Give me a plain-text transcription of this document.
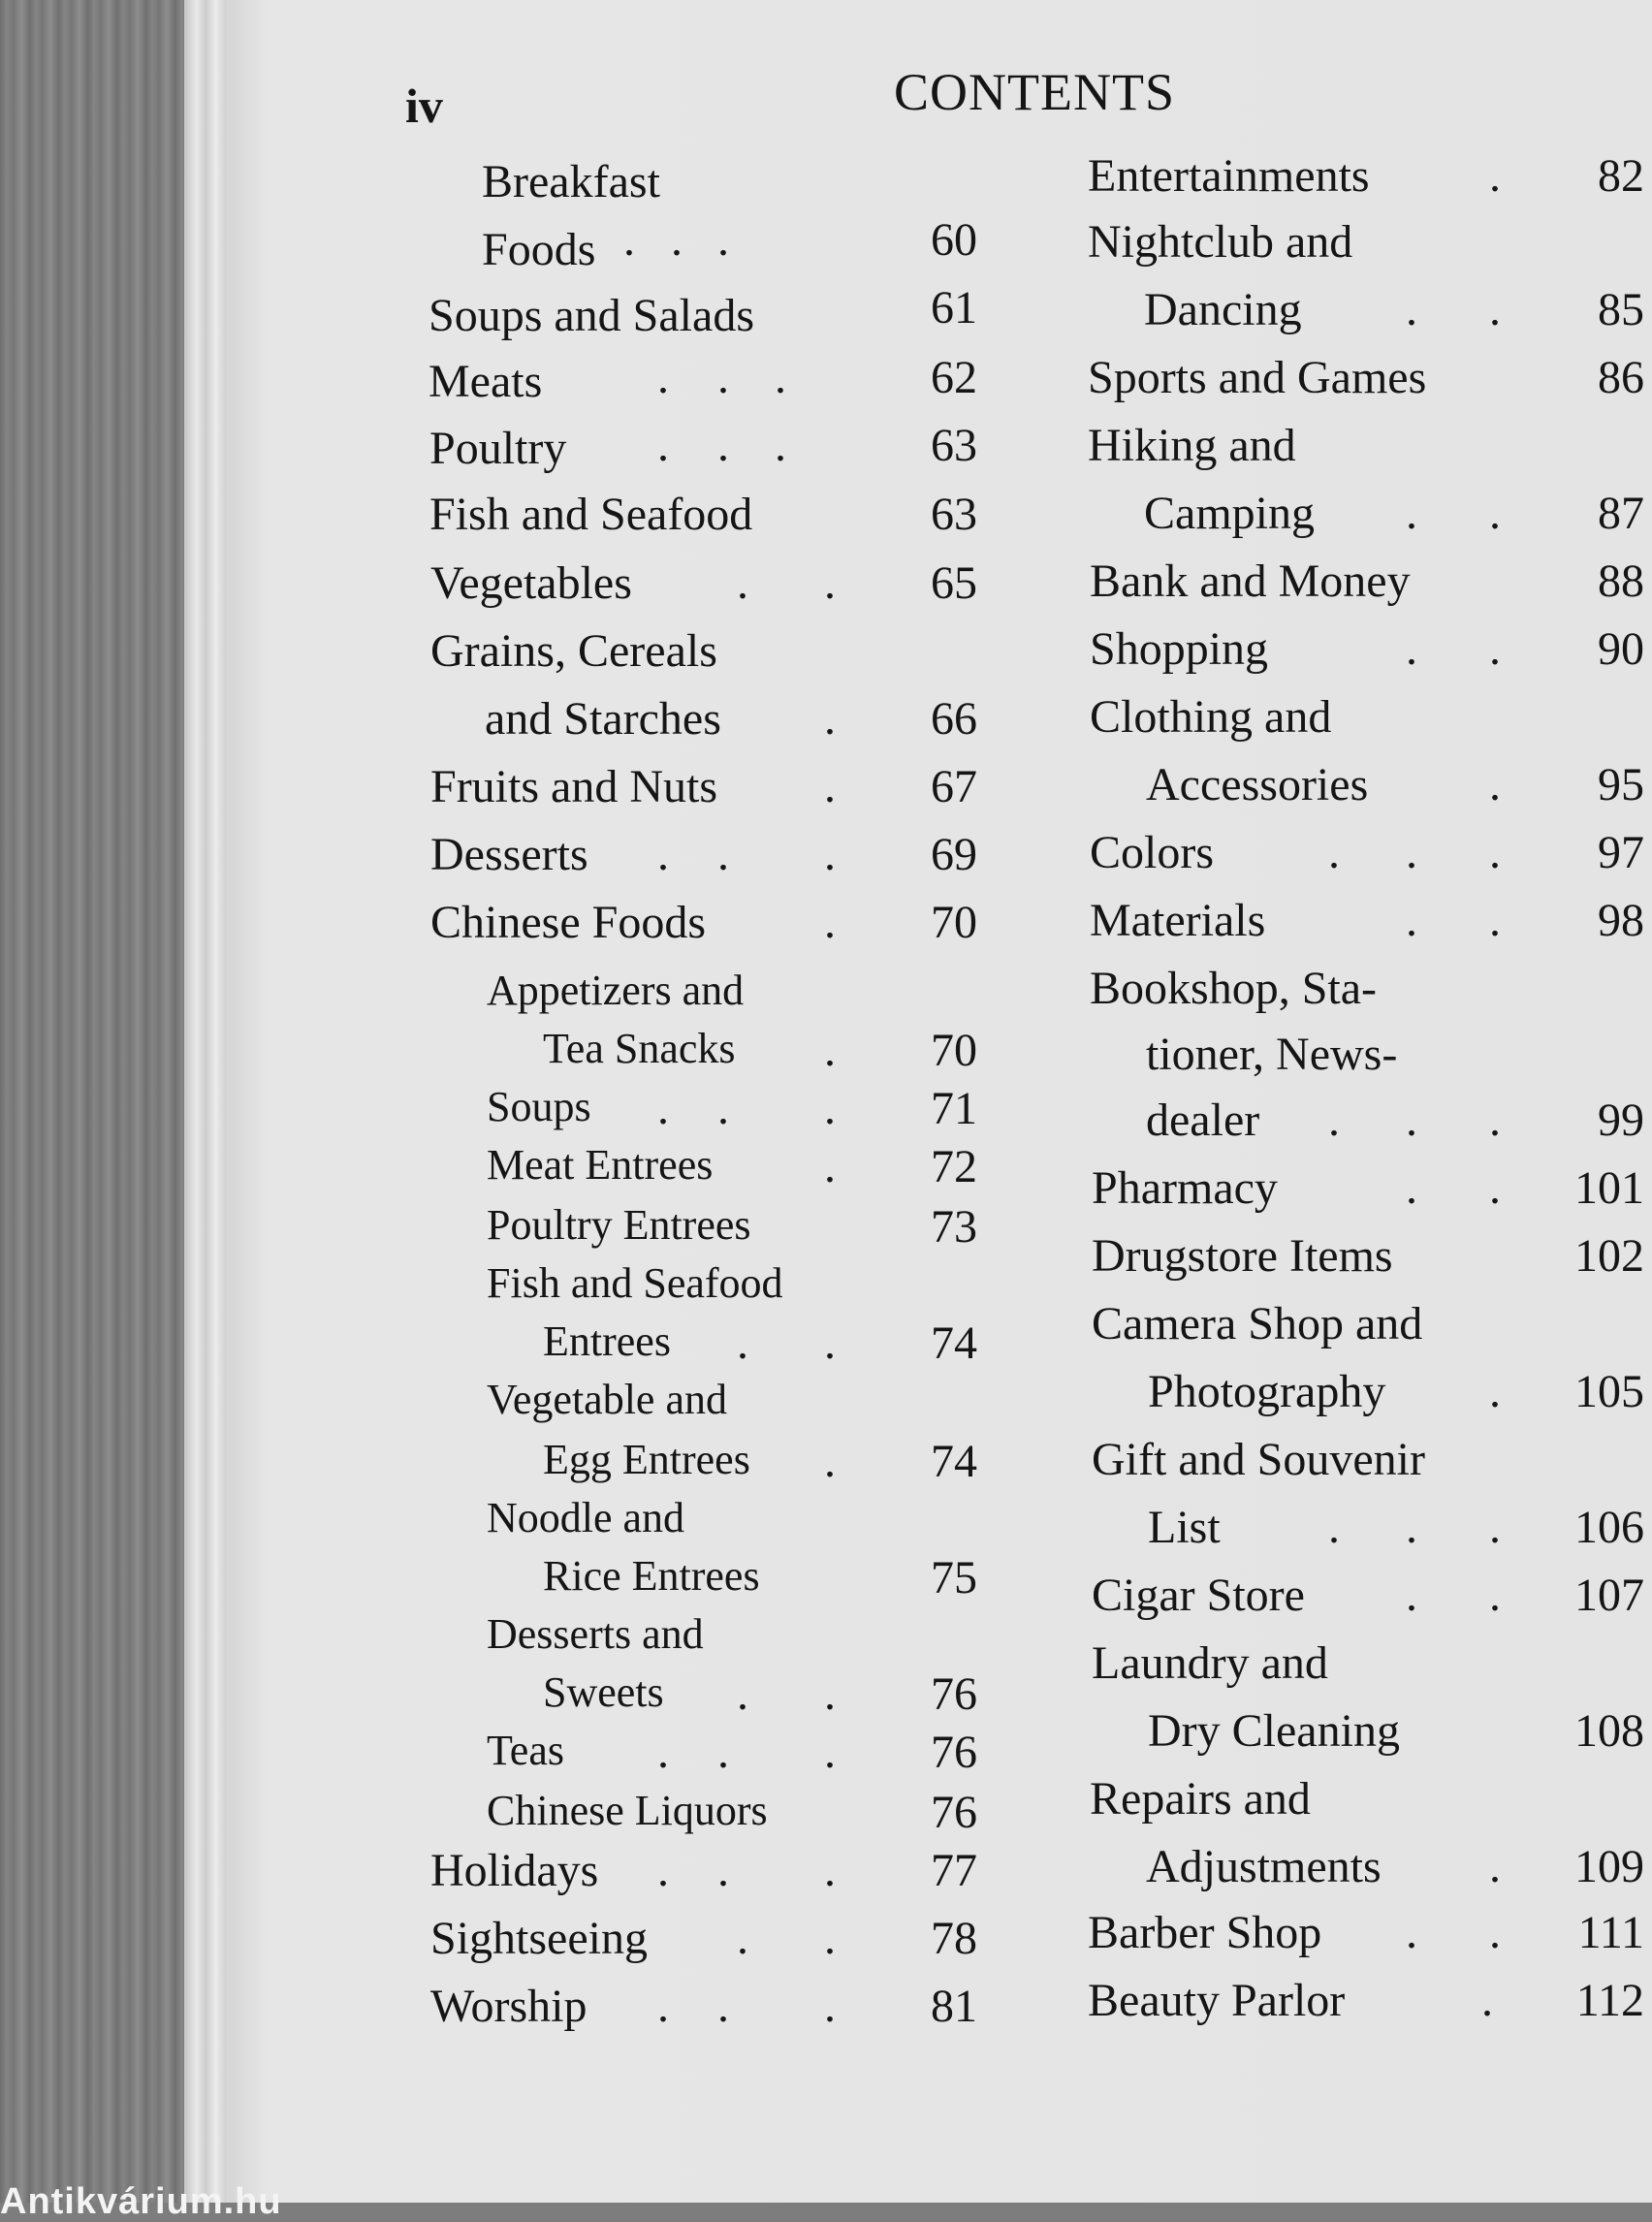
Antikvárium.hu
iv	CONTENTS
Breakfast
Foods . . .	60
Soups and Salads	61
Meats . . .	62
Poultry . . .	63
Fish and Seafood	63
Vegetables . .	65
Grains, Cereals
and Starches .	66
Fruits and Nuts .	67
Desserts . . .	69
Chinese Foods	.	70
Appetizers and
Tea Snacks .	70
Soups . . .	71
Meat Entrees .	72
Poultry Entrees	73
Fish and Seafood
Entrees . .	74
Vegetable and
Egg Entrees .	74
Noodle and
Rice Entrees	75
Desserts and
Sweets . .	76
Teas . . .	76
Chinese Liquors	76
Holidays . . .	77
Sightseeing . .	78
Worship . . .	81
Entertainments	.	82
Nightclub and
Dancing . .	85
Sports and Games	86
Hiking and
Camping . .	87
Bank and Money	88
Shopping	. .	90
Clothing and
Accessories	.	95
Colors . . .	97
Materials	. .	98
Bookshop, Sta-
tioner, News-
dealer . . .	99
Pharmacy	. .	101
Drugstore Items	102
Camera Shop and
Photography .	105
Gift and Souvenir
List . . .	106
Cigar Store . .	107
Laundry and
Dry Cleaning	108
Repairs and
Adjustments .	109
Barber Shop . .	111
Beauty Parlor	.	112
